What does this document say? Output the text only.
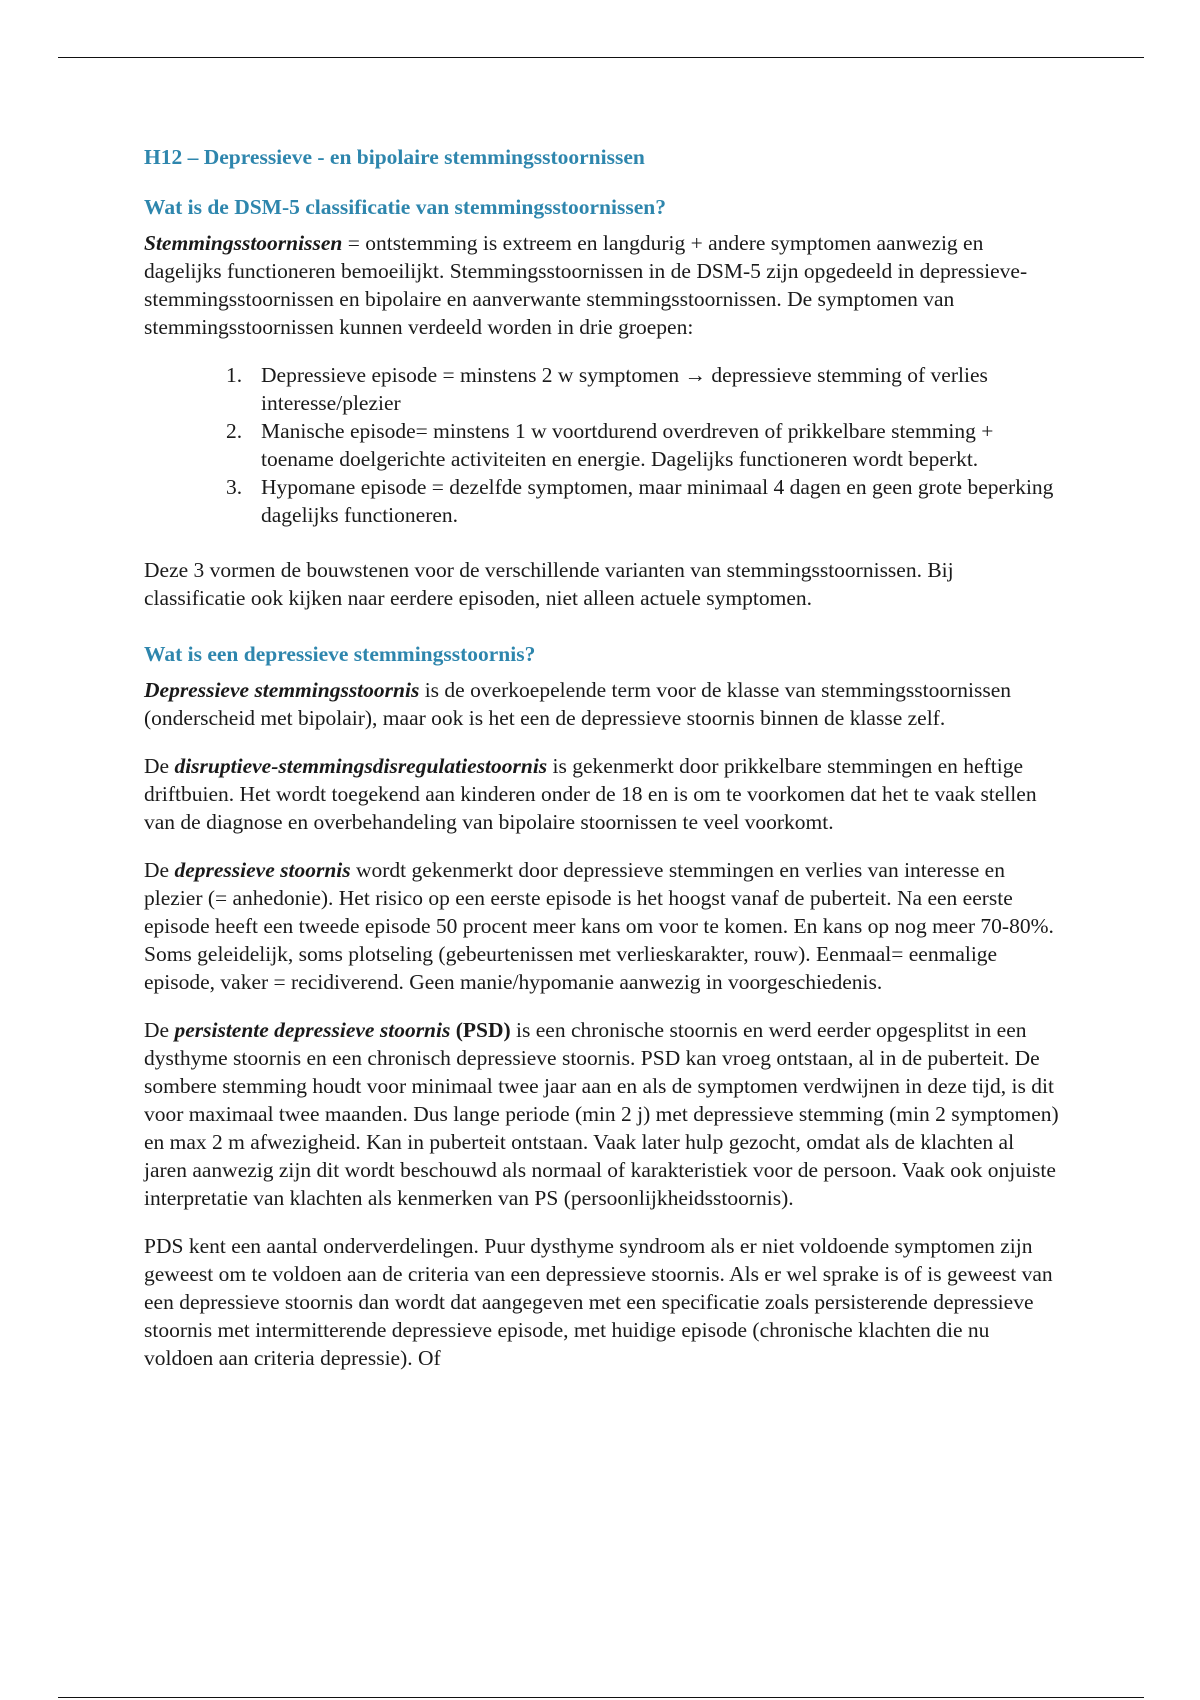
H12 – Depressieve - en bipolaire stemmingsstoornissen
Wat is de DSM-5 classificatie van stemmingsstoornissen?

Stemmingsstoornissen = ontstemming is extreem en langdurig + andere symptomen aanwezig en dagelijks functioneren bemoeilijkt. Stemmingsstoornissen in de DSM-5 zijn opgedeeld in depressieve-stemmingsstoornissen en bipolaire en aanverwante stemmingsstoornissen. De symptomen van stemmingsstoornissen kunnen verdeeld worden in drie groepen:

1. Depressieve episode = minstens 2 w symptomen → depressieve stemming of verlies interesse/plezier
2. Manische episode= minstens 1 w voortdurend overdreven of prikkelbare stemming + toename doelgerichte activiteiten en energie. Dagelijks functioneren wordt beperkt.
3. Hypomane episode = dezelfde symptomen, maar minimaal 4 dagen en geen grote beperking dagelijks functioneren.

Deze 3 vormen de bouwstenen voor de verschillende varianten van stemmingsstoornissen. Bij classificatie ook kijken naar eerdere episoden, niet alleen actuele symptomen.

Wat is een depressieve stemmingsstoornis?

Depressieve stemmingsstoornis is de overkoepelende term voor de klasse van stemmingsstoornissen (onderscheid met bipolair), maar ook is het een de depressieve stoornis binnen de klasse zelf.

De disruptieve-stemmingsdisregulatiestoornis is gekenmerkt door prikkelbare stemmingen en heftige driftbuien. Het wordt toegekend aan kinderen onder de 18 en is om te voorkomen dat het te vaak stellen van de diagnose en overbehandeling van bipolaire stoornissen te veel voorkomt.

De depressieve stoornis wordt gekenmerkt door depressieve stemmingen en verlies van interesse en plezier (= anhedonie). Het risico op een eerste episode is het hoogst vanaf de puberteit. Na een eerste episode heeft een tweede episode 50 procent meer kans om voor te komen. En kans op nog meer 70-80%. Soms geleidelijk, soms plotseling (gebeurtenissen met verlieskarakter, rouw). Eenmaal= eenmalige episode, vaker = recidiverend. Geen manie/hypomanie aanwezig in voorgeschiedenis.

De persistente depressieve stoornis (PSD) is een chronische stoornis en werd eerder opgesplitst in een dysthyme stoornis en een chronisch depressieve stoornis. PSD kan vroeg ontstaan, al in de puberteit. De sombere stemming houdt voor minimaal twee jaar aan en als de symptomen verdwijnen in deze tijd, is dit voor maximaal twee maanden. Dus lange periode (min 2 j) met depressieve stemming (min 2 symptomen) en max 2 m afwezigheid. Kan in puberteit ontstaan. Vaak later hulp gezocht, omdat als de klachten al jaren aanwezig zijn dit wordt beschouwd als normaal of karakteristiek voor de persoon. Vaak ook onjuiste interpretatie van klachten als kenmerken van PS (persoonlijkheidsstoornis).

PDS kent een aantal onderverdelingen. Puur dysthyme syndroom als er niet voldoende symptomen zijn geweest om te voldoen aan de criteria van een depressieve stoornis. Als er wel sprake is of is geweest van een depressieve stoornis dan wordt dat aangegeven met een specificatie zoals persisterende depressieve stoornis met intermitterende depressieve episode, met huidige episode (chronische klachten die nu voldoen aan criteria depressie). Of
